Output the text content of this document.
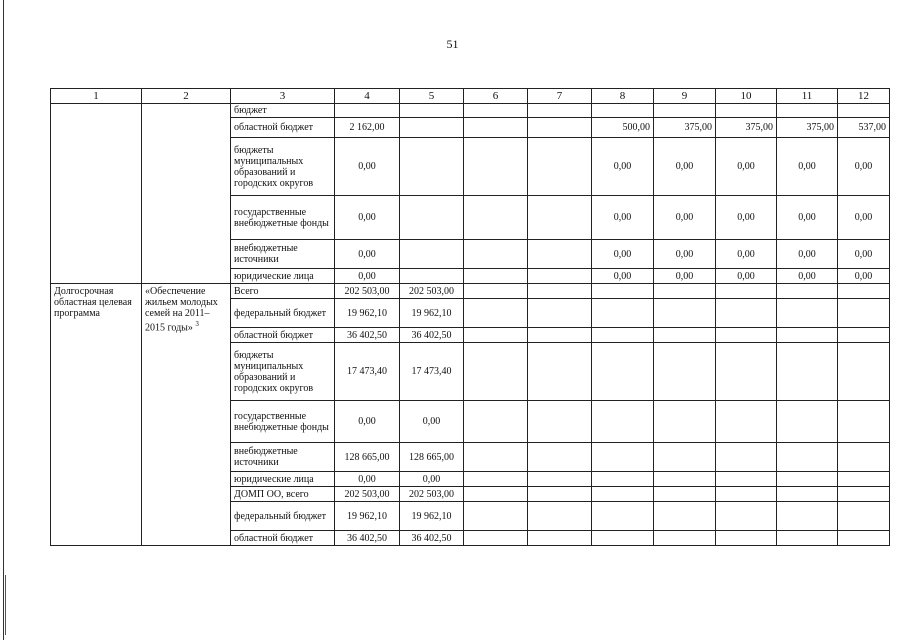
51
1	2	3	4	5	6	7	8	9	10	11	12
		бюджет									
		областной бюджет	2 162,00				500,00	375,00	375,00	375,00	537,00
		бюджеты муниципальных образований и городских округов	0,00				0,00	0,00	0,00	0,00	0,00
		государственные внебюджетные фонды	0,00				0,00	0,00	0,00	0,00	0,00
		внебюджетные источники	0,00				0,00	0,00	0,00	0,00	0,00
		юридические лица	0,00				0,00	0,00	0,00	0,00	0,00
Долгосрочная областная целевая программа	«Обеспечение жильем молодых семей на 2011–2015 годы» $^3$	Всего	202 503,00	202 503,00							
		федеральный бюджет	19 962,10	19 962,10							
		областной бюджет	36 402,50	36 402,50							
		бюджеты муниципальных образований и городских округов	17 473,40	17 473,40							
		государственные внебюджетные фонды	0,00	0,00							
		внебюджетные источники	128 665,00	128 665,00							
		юридические лица	0,00	0,00							
		ДОМП ОО, всего	202 503,00	202 503,00							
		федеральный бюджет	19 962,10	19 962,10							
		областной бюджет	36 402,50	36 402,50							
